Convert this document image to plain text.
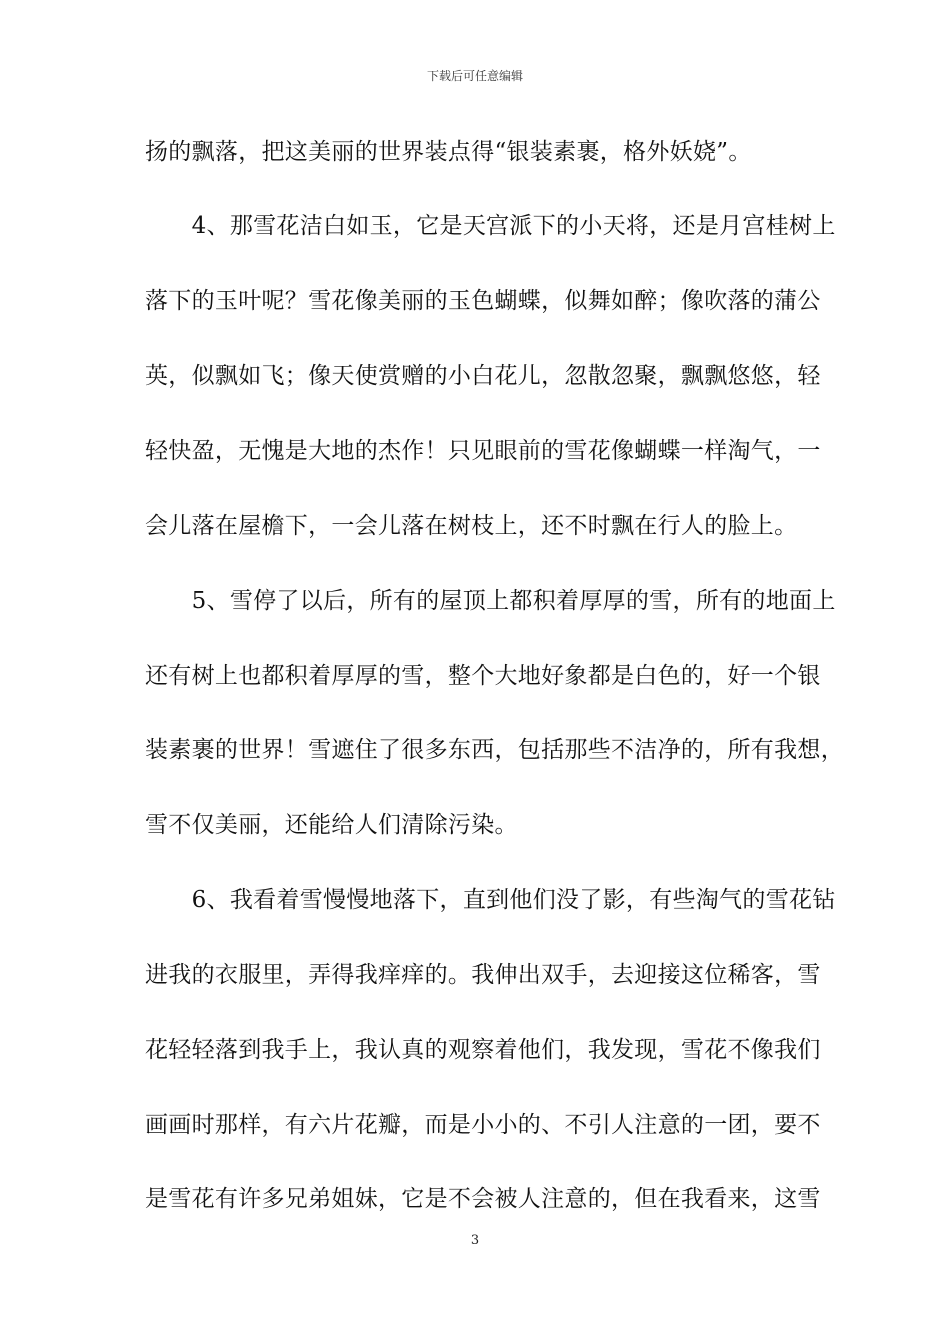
下载后可任意编辑
扬的飘落，把这美丽的世界装点得“银装素裹，格外妖娆”。
　　4、那雪花洁白如玉，它是天宫派下的小天将，还是月宫桂树上
落下的玉叶呢？雪花像美丽的玉色蝴蝶，似舞如醉；像吹落的蒲公
英，似飘如飞；像天使赏赠的小白花儿，忽散忽聚，飘飘悠悠，轻
轻快盈，无愧是大地的杰作！只见眼前的雪花像蝴蝶一样淘气，一
会儿落在屋檐下，一会儿落在树枝上，还不时飘在行人的脸上。
　　5、雪停了以后，所有的屋顶上都积着厚厚的雪，所有的地面上
还有树上也都积着厚厚的雪，整个大地好象都是白色的，好一个银
装素裹的世界！雪遮住了很多东西，包括那些不洁净的，所有我想，
雪不仅美丽，还能给人们清除污染。
　　6、我看着雪慢慢地落下，直到他们没了影，有些淘气的雪花钻
进我的衣服里，弄得我痒痒的。我伸出双手，去迎接这位稀客，雪
花轻轻落到我手上，我认真的观察着他们，我发现，雪花不像我们
画画时那样，有六片花瓣，而是小小的、不引人注意的一团，要不
是雪花有许多兄弟姐妹，它是不会被人注意的，但在我看来，这雪
3
